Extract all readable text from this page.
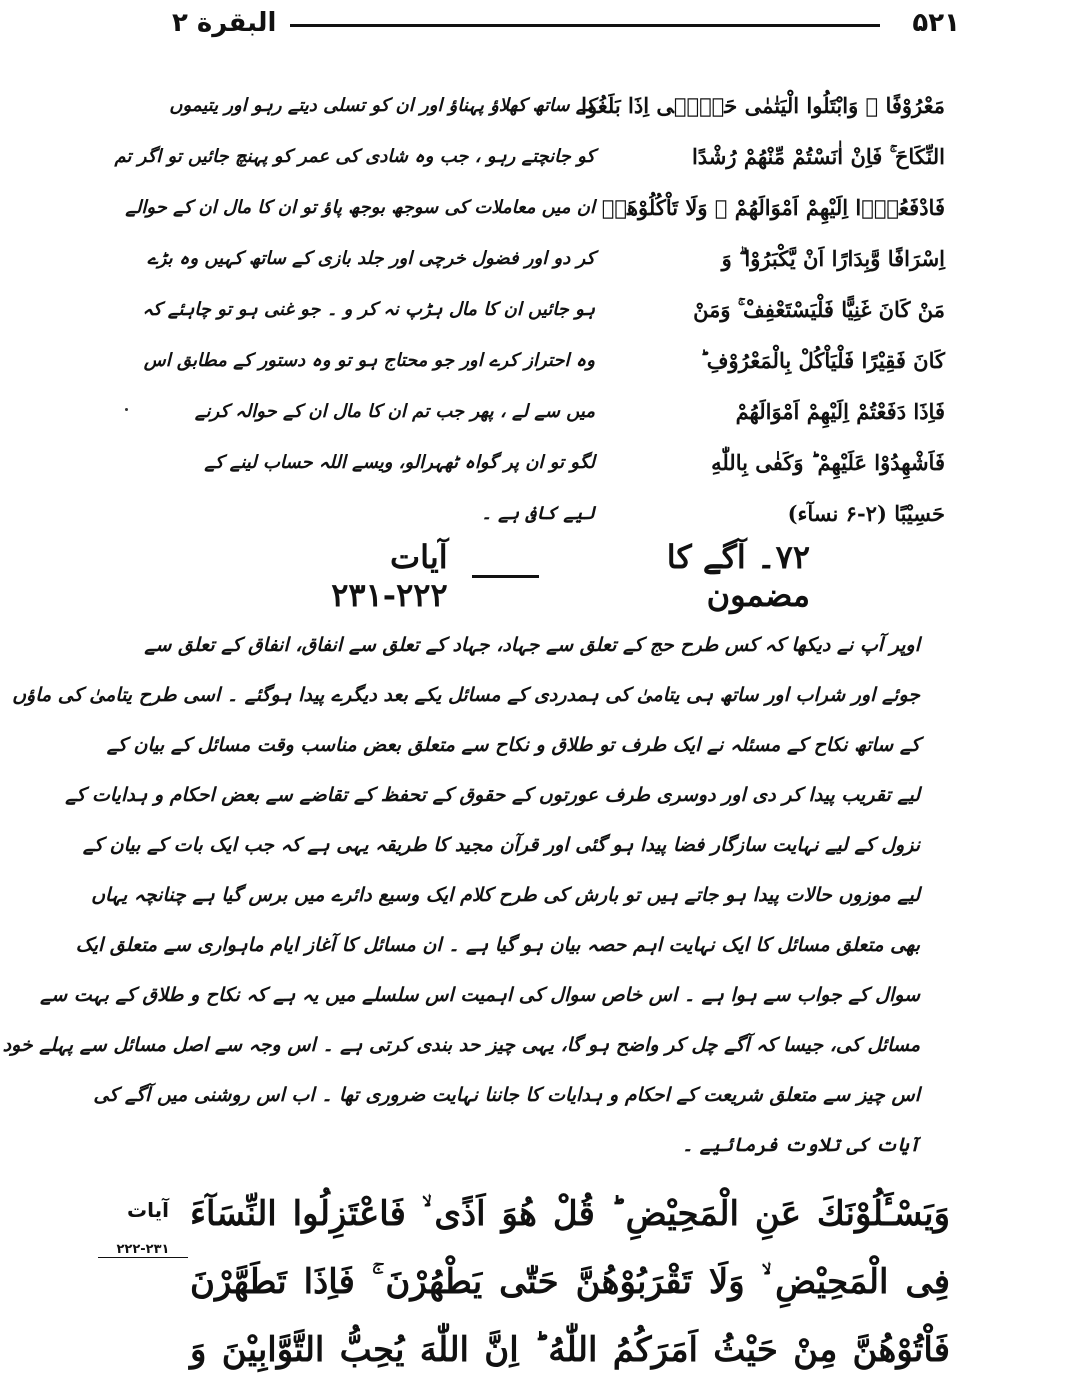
البقرة ۲	۵۲۱
مَعْرُوْفًا ۞ وَابْتَلُوا الْيَتٰمٰى حَتّٰۤى اِذَا بَلَغُوا
النِّكَاحَ ۚ فَاِنْ اٰنَسْتُمْ مِّنْهُمْ رُشْدًا
فَادْفَعُوْۤا اِلَيْهِمْ اَمْوَالَهُمْ ۚ وَلَا تَاْكُلُوْهَاۤ
اِسْرَافًا وَّبِدَارًا اَنْ يَّكْبَرُوْا ۗ وَ
مَنْ كَانَ غَنِيًّا فَلْيَسْتَعْفِفْ ۚ وَمَنْ
كَانَ فَقِيْرًا فَلْيَاْكُلْ بِالْمَعْرُوْفِ ؕ
فَاِذَا دَفَعْتُمْ اِلَيْهِمْ اَمْوَالَهُمْ
فَاَشْهِدُوْا عَلَيْهِمْ ؕ وَكَفٰى بِاللّٰهِ
حَسِيْبًا (۲-۶ نسآء)
کے ساتھ کھلاؤ پہناؤ اور ان کو تسلی دیتے رہو اور یتیموں
کو جانچتے رہو ، جب وہ شادی کی عمر کو پہنچ جائیں تو اگر تم
ان میں معاملات کی سوجھ بوجھ پاؤ تو ان کا مال ان کے حوالے
کر دو اور فضول خرچی اور جلد بازی کے ساتھ کہیں وہ بڑے
ہو جائیں ان کا مال ہڑپ نہ کر و ۔ جو غنی ہو تو چاہئے کہ
وہ احتراز کرے اور جو محتاج ہو تو وہ دستور کے مطابق اس
میں سے لے ، پھر جب تم ان کا مال ان کے حوالہ کرنے
لگو تو ان پر گواہ ٹھہرالو، ویسے اللہ حساب لینے کے
لیے کافی ہے ۔
۷۲۔ آگے کا مضمون
آیات ۲۲۲-۲۳۱
اوپر آپ نے دیکھا کہ کس طرح حج کے تعلق سے جہاد، جہاد کے تعلق سے انفاق، انفاق کے تعلق سے
جوئے اور شراب اور ساتھ ہی یتامیٰ کی ہمدردی کے مسائل یکے بعد دیگرے پیدا ہوگئے ۔ اسی طرح یتامیٰ کی ماؤں
کے ساتھ نکاح کے مسئلہ نے ایک طرف تو طلاق و نکاح سے متعلق بعض مناسب وقت مسائل کے بیان کے
لیے تقریب پیدا کر دی اور دوسری طرف عورتوں کے حقوق کے تحفظ کے تقاضے سے بعض احکام و ہدایات کے
نزول کے لیے نہایت سازگار فضا پیدا ہو گئی اور قرآن مجید کا طریقہ یہی ہے کہ جب ایک بات کے بیان کے
لیے موزوں حالات پیدا ہو جاتے ہیں تو بارش کی طرح کلام ایک وسیع دائرے میں برس گیا ہے چنانچہ یہاں
بھی متعلق مسائل کا ایک نہایت اہم حصہ بیان ہو گیا ہے ۔ ان مسائل کا آغاز ایام ماہواری سے متعلق ایک
سوال کے جواب سے ہوا ہے ۔ اس خاص سوال کی اہمیت اس سلسلے میں یہ ہے کہ نکاح و طلاق کے بہت سے
مسائل کی، جیسا کہ آگے چل کر واضح ہو گا، یہی چیز حد بندی کرتی ہے ۔ اس وجہ سے اصل مسائل سے پہلے خود
اس چیز سے متعلق شریعت کے احکام و ہدایات کا جاننا نہایت ضروری تھا ۔ اب اس روشنی میں آگے کی
آیات کی تلاوت فرمائیے ۔
آیات
۲۲۲-۲۳۱
وَيَسْـَٔلُوْنَكَ عَنِ الْمَحِيْضِ ؕ قُلْ هُوَ اَذًى ۙ فَاعْتَزِلُوا النِّسَآءَ
فِى الْمَحِيْضِ ۙ وَلَا تَقْرَبُوْهُنَّ حَتّٰى يَطْهُرْنَ ۚ فَاِذَا تَطَهَّرْنَ
فَاْتُوْهُنَّ مِنْ حَيْثُ اَمَرَكُمُ اللّٰهُ ؕ اِنَّ اللّٰهَ يُحِبُّ التَّوَّابِيْنَ وَ
